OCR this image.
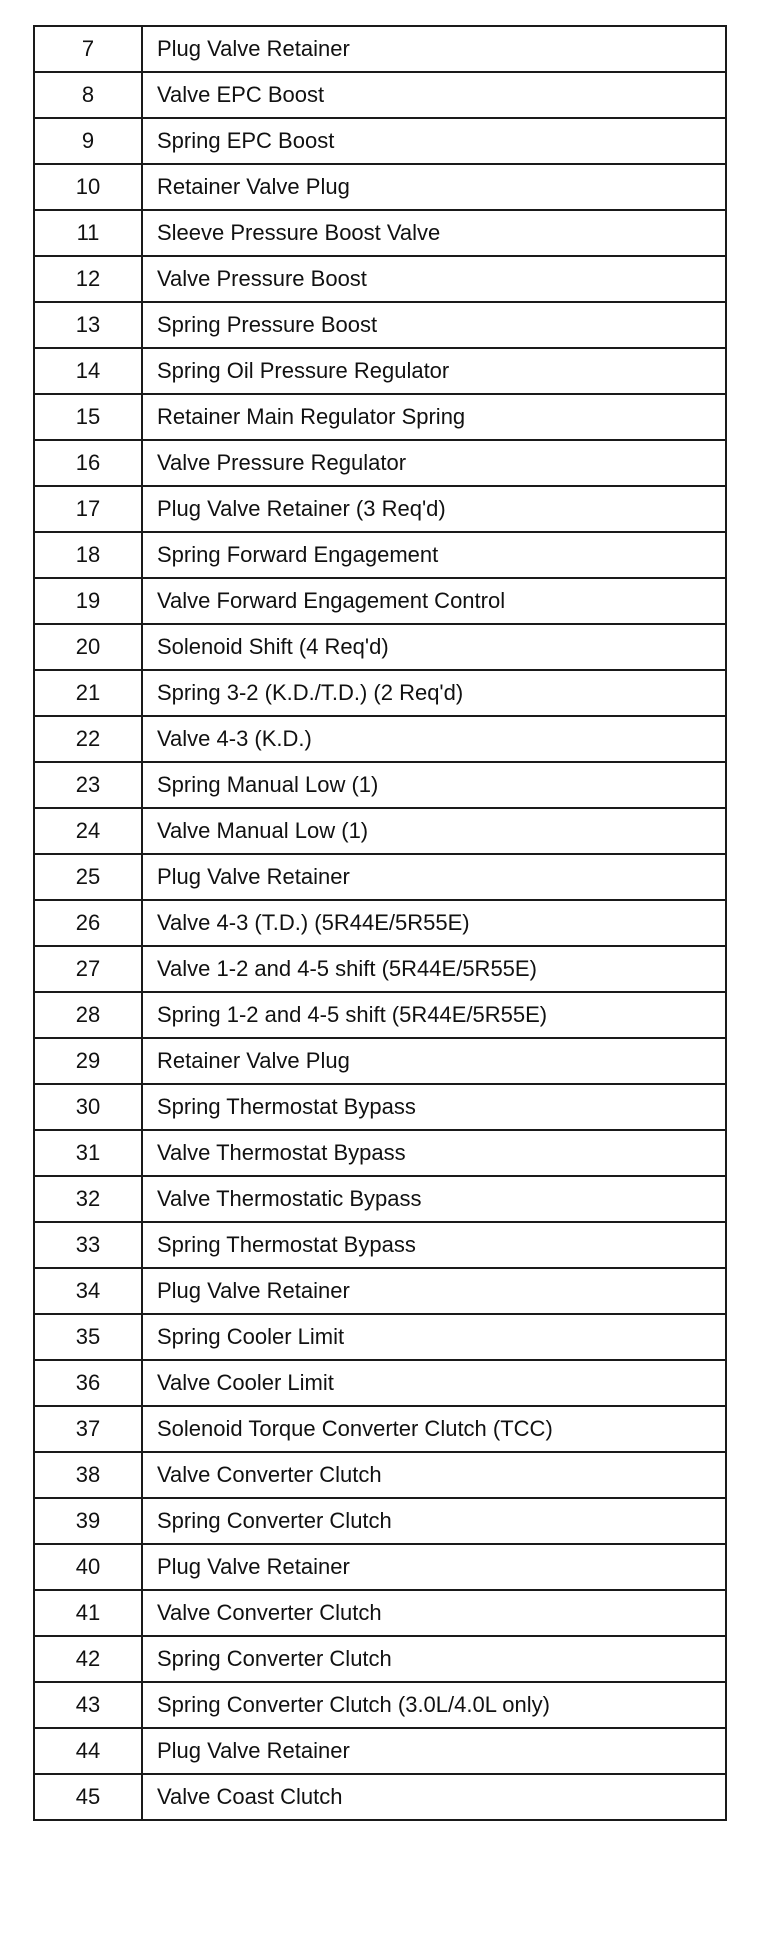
7	Plug Valve Retainer
8	Valve EPC Boost
9	Spring EPC Boost
10	Retainer Valve Plug
11	Sleeve Pressure Boost Valve
12	Valve Pressure Boost
13	Spring Pressure Boost
14	Spring Oil Pressure Regulator
15	Retainer Main Regulator Spring
16	Valve Pressure Regulator
17	Plug Valve Retainer (3 Req'd)
18	Spring Forward Engagement
19	Valve Forward Engagement Control
20	Solenoid Shift (4 Req'd)
21	Spring 3-2 (K.D./T.D.) (2 Req'd)
22	Valve 4-3 (K.D.)
23	Spring Manual Low (1)
24	Valve Manual Low (1)
25	Plug Valve Retainer
26	Valve 4-3 (T.D.) (5R44E/5R55E)
27	Valve 1-2 and 4-5 shift (5R44E/5R55E)
28	Spring 1-2 and 4-5 shift (5R44E/5R55E)
29	Retainer Valve Plug
30	Spring Thermostat Bypass
31	Valve Thermostat Bypass
32	Valve Thermostatic Bypass
33	Spring Thermostat Bypass
34	Plug Valve Retainer
35	Spring Cooler Limit
36	Valve Cooler Limit
37	Solenoid Torque Converter Clutch (TCC)
38	Valve Converter Clutch
39	Spring Converter Clutch
40	Plug Valve Retainer
41	Valve Converter Clutch
42	Spring Converter Clutch
43	Spring Converter Clutch (3.0L/4.0L only)
44	Plug Valve Retainer
45	Valve Coast Clutch
